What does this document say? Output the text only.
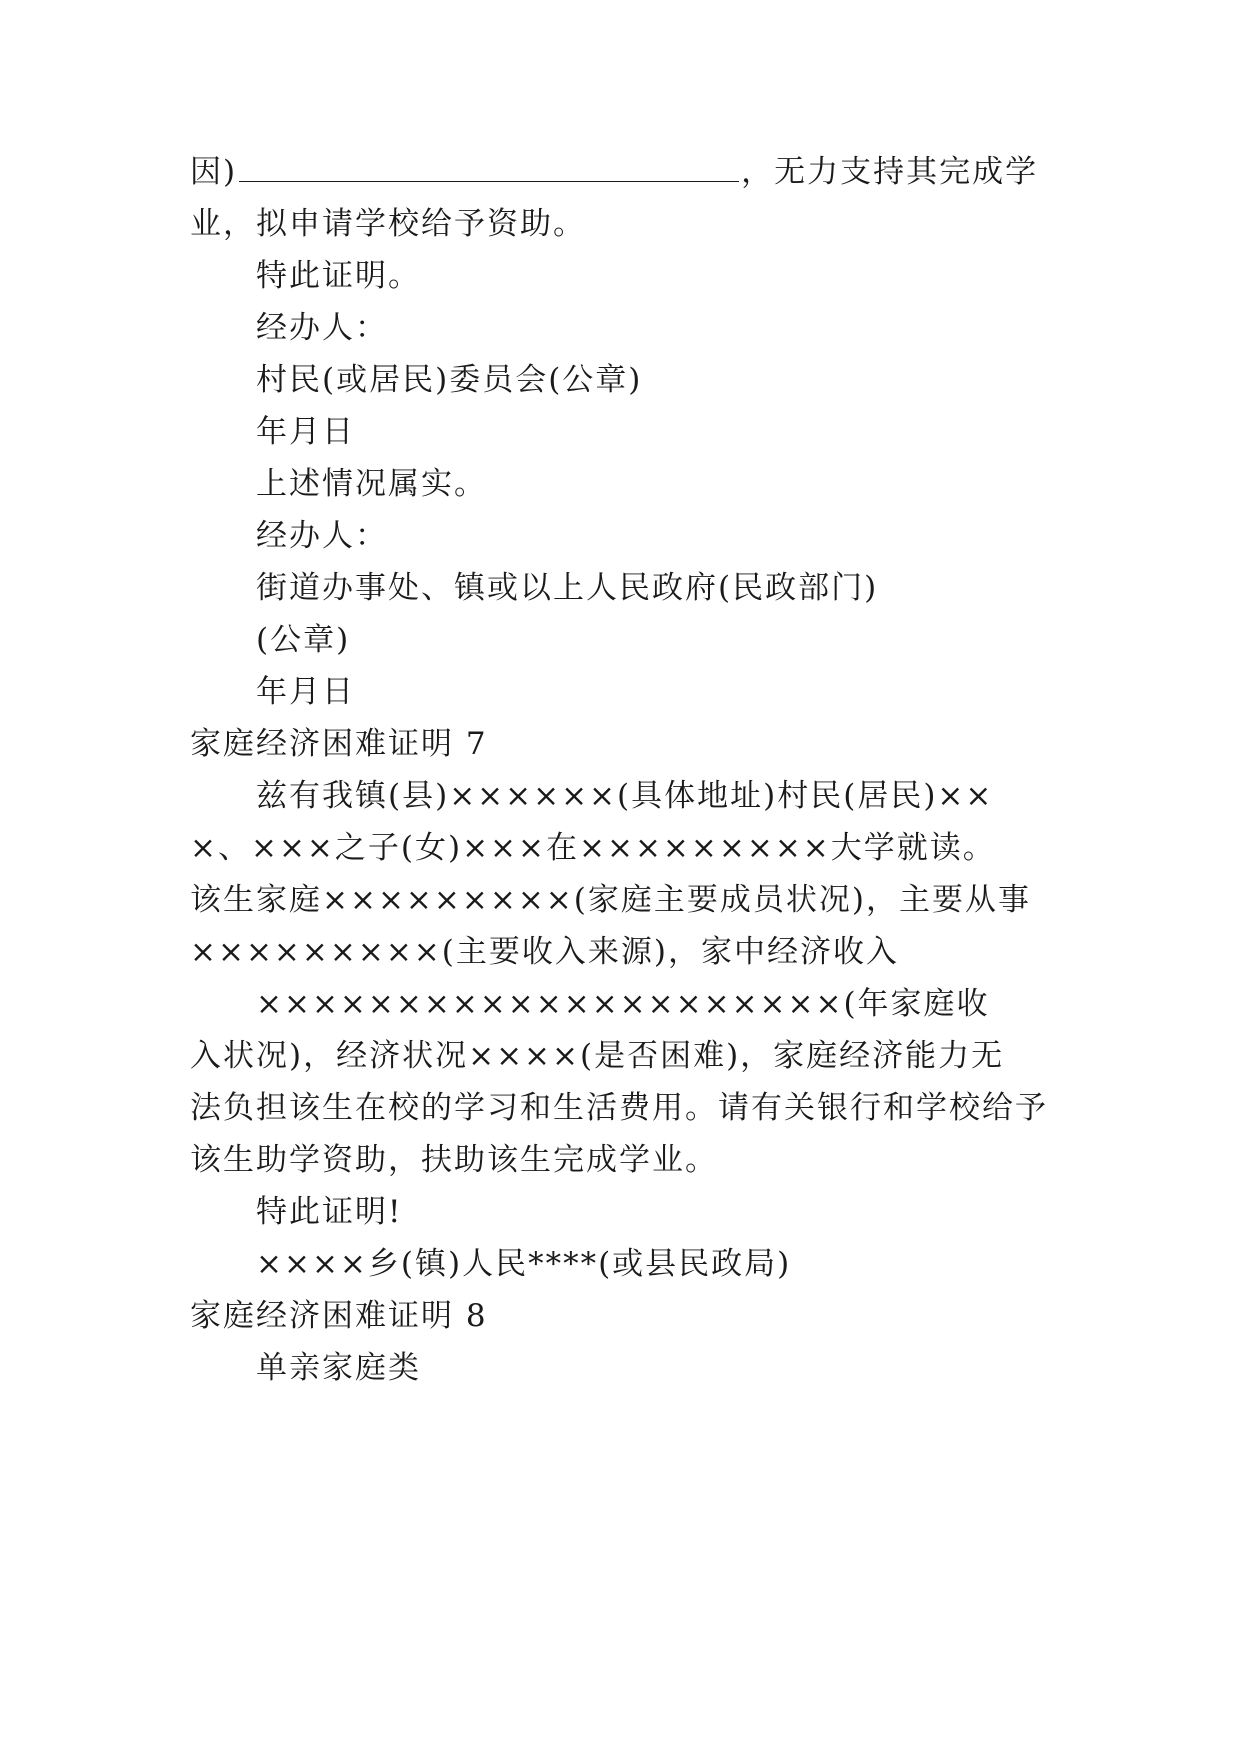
因)	，无力支持其完成学
业，拟申请学校给予资助。
特此证明。
经办人：
村民(或居民)委员会(公章)
年月日
上述情况属实。
经办人：
街道办事处、镇或以上人民政府(民政部门)
(公章)
年月日
家庭经济困难证明 7
兹有我镇(县)××××××(具体地址)村民(居民)××
×、×××之子(女)×××在×××××××××大学就读。
该生家庭×××××××××(家庭主要成员状况)，主要从事
×××××××××(主要收入来源)，家中经济收入
×××××××××××××××××××××(年家庭收
入状况)，经济状况××××(是否困难)，家庭经济能力无
法负担该生在校的学习和生活费用。请有关银行和学校给予
该生助学资助，扶助该生完成学业。
特此证明!
××××乡(镇)人民****(或县民政局)
家庭经济困难证明 8
单亲家庭类
